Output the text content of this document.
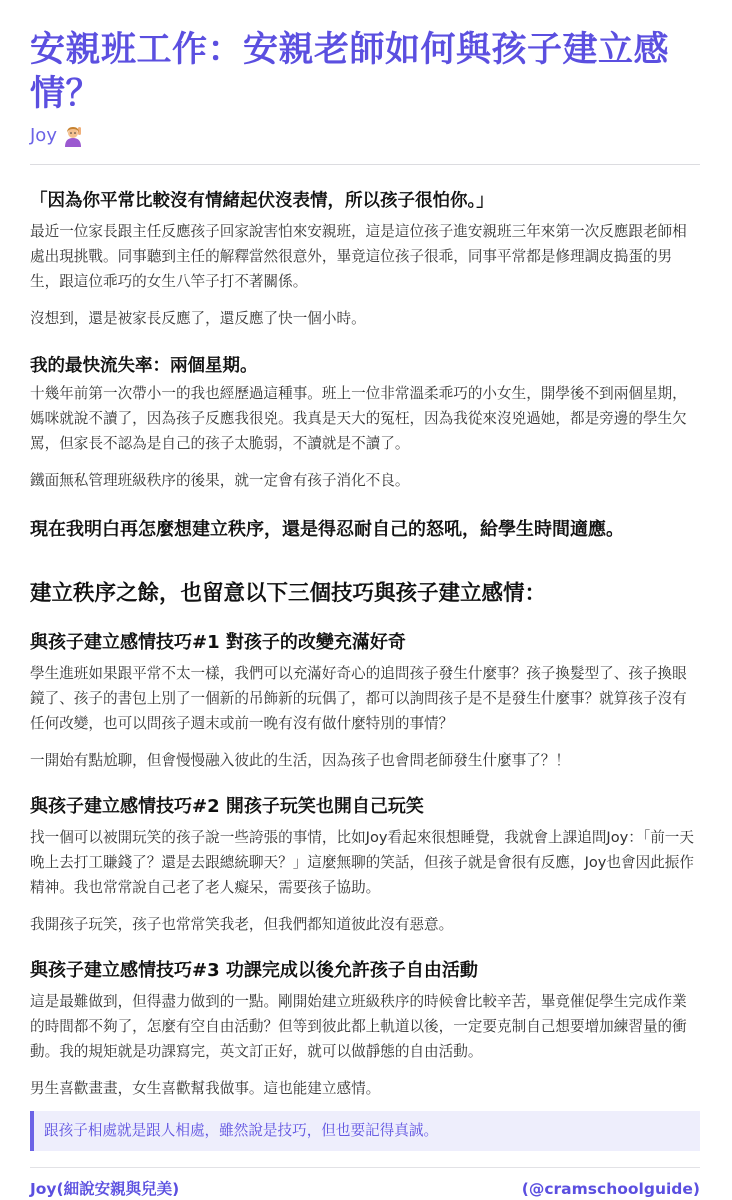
安親班工作：安親老師如何與孩子建立感情？
Joy
「因為你平常比較沒有情緒起伏沒表情，所以孩子很怕你。」

最近一位家長跟主任反應孩子回家說害怕來安親班，這是這位孩子進安親班三年來第一次反應跟老師相處出現挑戰。同事聽到主任的解釋當然很意外，畢竟這位孩子很乖，同事平常都是修理調皮搗蛋的男生，跟這位乖巧的女生八竿子打不著關係。

沒想到，還是被家長反應了，還反應了快一個小時。

我的最快流失率：兩個星期。

十幾年前第一次帶小一的我也經歷過這種事。班上一位非常溫柔乖巧的小女生，開學後不到兩個星期，媽咪就說不讀了，因為孩子反應我很兇。我真是天大的冤枉，因為我從來沒兇過她，都是旁邊的學生欠罵，但家長不認為是自己的孩子太脆弱，不讀就是不讀了。

鐵面無私管理班級秩序的後果，就一定會有孩子消化不良。

現在我明白再怎麼想建立秩序，還是得忍耐自己的怒吼，給學生時間適應。
建立秩序之餘，也留意以下三個技巧與孩子建立感情：
與孩子建立感情技巧#1 對孩子的改變充滿好奇

學生進班如果跟平常不太一樣，我們可以充滿好奇心的追問孩子發生什麼事？孩子換髮型了、孩子換眼鏡了、孩子的書包上別了一個新的吊飾新的玩偶了，都可以詢問孩子是不是發生什麼事？就算孩子沒有任何改變，也可以問孩子週末或前一晚有沒有做什麼特別的事情？

一開始有點尬聊，但會慢慢融入彼此的生活，因為孩子也會問老師發生什麼事了？！

與孩子建立感情技巧#2 開孩子玩笑也開自己玩笑

找一個可以被開玩笑的孩子說一些誇張的事情，比如Joy看起來很想睡覺，我就會上課追問Joy：「前一天晚上去打工賺錢了？還是去跟總統聊天？」這麼無聊的笑話，但孩子就是會很有反應，Joy也會因此振作精神。我也常常說自己老了老人癡呆，需要孩子協助。

我開孩子玩笑，孩子也常常笑我老，但我們都知道彼此沒有惡意。

與孩子建立感情技巧#3 功課完成以後允許孩子自由活動

這是最難做到，但得盡力做到的一點。剛開始建立班級秩序的時候會比較辛苦，畢竟催促學生完成作業的時間都不夠了，怎麼有空自由活動？但等到彼此都上軌道以後，一定要克制自己想要增加練習量的衝動。我的規矩就是功課寫完，英文訂正好，就可以做靜態的自由活動。

男生喜歡畫畫，女生喜歡幫我做事。這也能建立感情。

跟孩子相處就是跟人相處，雖然說是技巧，但也要記得真誠。
Joy(細說安親與兒美)	(@cramschoolguide)
